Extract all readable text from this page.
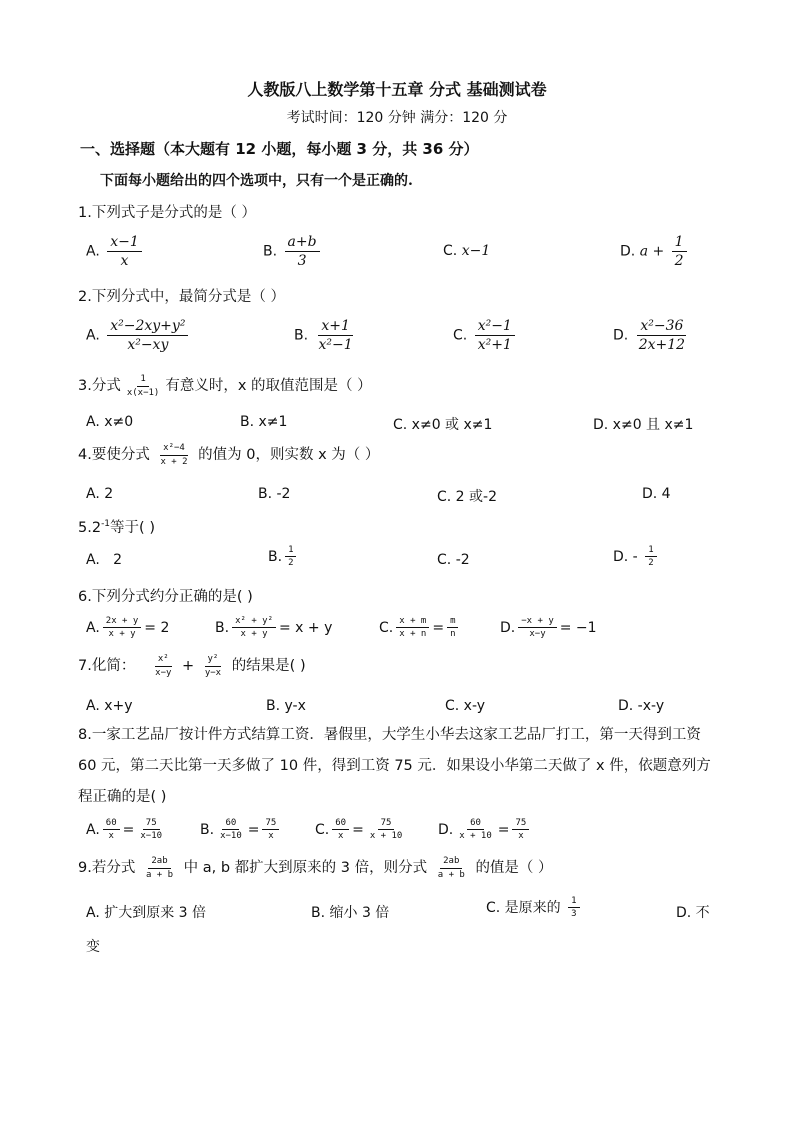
人教版八上数学第十五章 分式 基础测试卷
考试时间：120 分钟 满分：120 分
一、选择题（本大题有 12 小题，每小题 3 分，共 36 分）
下面每小题给出的四个选项中，只有一个是正确的.
1.下列式子是分式的是（ ）
A. $\frac{x-1}{x}$	B. $\frac{a+b}{3}$	C. x−1	D. $a + \frac{1}{2}$
2.下列分式中，最简分式是（ ）
A. $\frac{\text{x²−2xy+y²}}{\text{x²−xy}}$	B. $\frac{x+1}{\text{x²−1}}$	C. $\frac{\text{x²−1}}{\text{x²+1}}$	D. $\frac{\text{x²−36}}{2x+12}$
3.分式 $\frac{1}{x(x-1)}$ 有意义时，x 的取值范围是（ ）
A. x≠0	B. x≠1	C. x≠0 或 x≠1	D. x≠0 且 x≠1
4.要使分式 $\frac{\text{x²−4}}{x + 2}$ 的值为 0，则实数 x 为（ ）
A. 2	B. -2	C. 2 或-2	D. 4
$5.2^{-1}$等于( )
A. 2	B. $\frac{1}{2}$	C. -2	D. - $\frac{1}{2}$
6.下列分式约分正确的是( )
A. $\frac{2x + y}{x + y} = 2$	B. $\frac{\text{x² + y²}}{x + y} = x + y$	C. $\frac{x + m}{x + n} = \frac{m}{n}$	D. $\frac{-x + y}{x-y} = -1$
7.化简： $\frac{\text{x²}}{x-y} + \frac{\text{y²}}{y-x}$ 的结果是( )
A. x+y	B. y-x	C. x-y	D. -x-y
8.一家工艺品厂按计件方式结算工资．暑假里，大学生小华去这家工艺品厂打工，第一天得到工资 60 元，第二天比第一天多做了 10 件，得到工资 75 元．如果设小华第二天做了 x 件，依题意列方程正确的是( )
A. $\frac{60}{x} = \frac{75}{x-10} B$. $\frac{60}{x-10} = \frac{75}{x}$	C. $\frac{60}{x} = \frac{75}{x + 10} D$. $\frac{60}{x + 10} = \frac{75}{x}$
9.若分式 $\frac{2ab}{a + b}$ 中 a, b 都扩大到原来的 3 倍，则分式 $\frac{2ab}{a + b}$ 的值是（ ）
A. 扩大到原来 3 倍	B. 缩小 3 倍	C. 是原来的 $\frac{1}{3}$	D. 不
变
